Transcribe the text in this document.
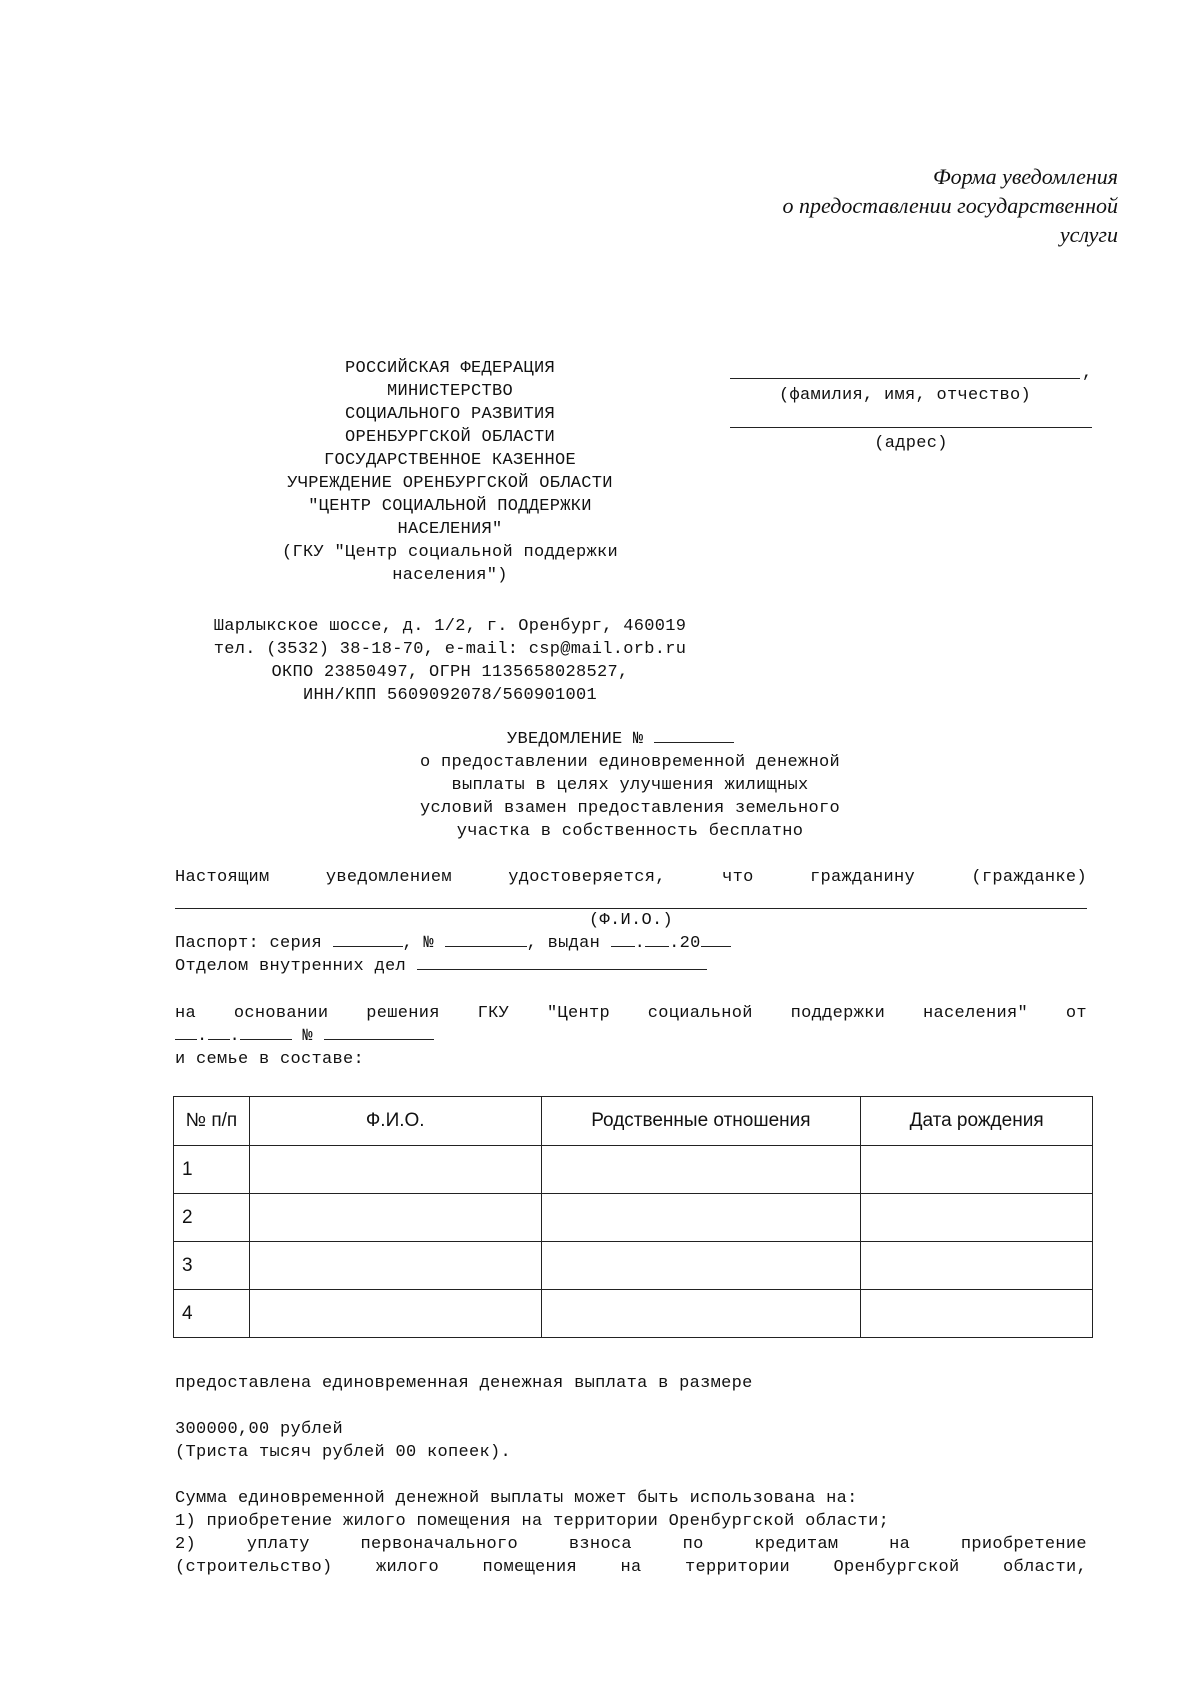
Форма уведомления
о предоставлении государственной
услуги
РОССИЙСКАЯ ФЕДЕРАЦИЯ
МИНИСТЕРСТВО
СОЦИАЛЬНОГО РАЗВИТИЯ
ОРЕНБУРГСКОЙ ОБЛАСТИ
ГОСУДАРСТВЕННОЕ КАЗЕННОЕ
УЧРЕЖДЕНИЕ ОРЕНБУРГСКОЙ ОБЛАСТИ
"ЦЕНТР СОЦИАЛЬНОЙ ПОДДЕРЖКИ
НАСЕЛЕНИЯ"
(ГКУ "Центр социальной поддержки
населения")
,
(фамилия, имя, отчество)
(адрес)
Шарлыкское шоссе, д. 1/2, г. Оренбург, 460019
тел. (3532) 38-18-70, e-mail: csp@mail.orb.ru
ОКПО 23850497, ОГРН 1135658028527,
ИНН/КПП 5609092078/560901001
УВЕДОМЛЕНИЕ №
о предоставлении единовременной денежной
выплаты в целях улучшения жилищных
условий взамен предоставления земельного
участка в собственность бесплатно
Настоящим	уведомлением	удостоверяется,	что	гражданину	(гражданке)
(Ф.И.О.)
Паспорт: серия	, №	, выдан . .20
Отделом внутренних дел
на основании решения ГКУ "Центр социальной поддержки населения" от
. .	№
и семье в составе:
№ п/п	Ф.И.О.	Родственные отношения	Дата рождения
1			
2			
3			
4			
предоставлена единовременная денежная выплата в размере
300000,00 рублей
(Триста тысяч рублей 00 копеек).
Сумма единовременной денежной выплаты может быть использована на:
1) приобретение жилого помещения на территории Оренбургской области;
2)	уплату	первоначального	взноса	по	кредитам	на	приобретение
(строительство)	жилого	помещения	на	территории	Оренбургской	области,
